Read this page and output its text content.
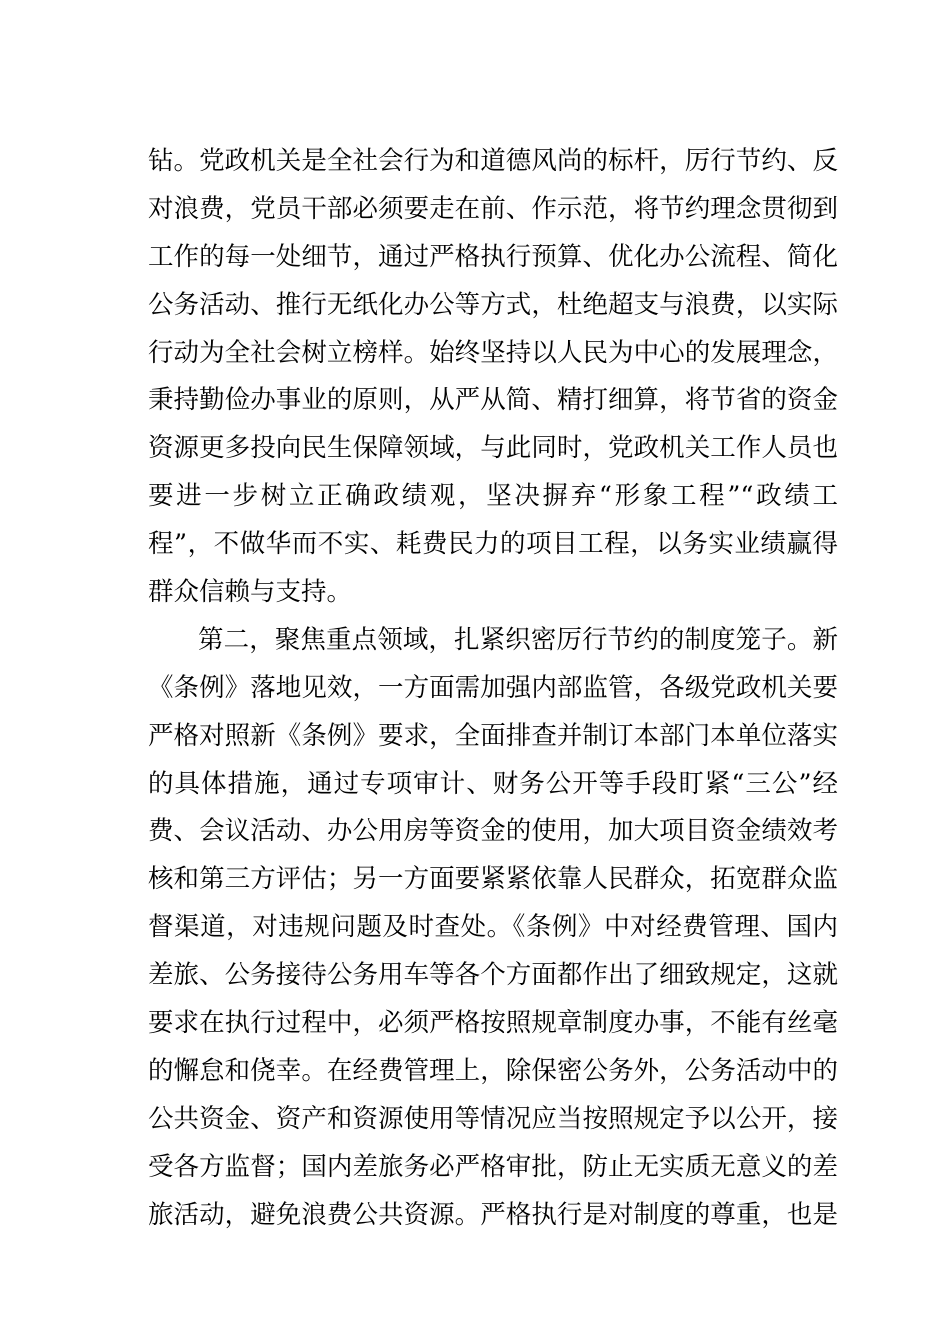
钻。党政机关是全社会行为和道德风尚的标杆，厉行节约、反
对浪费，党员干部必须要走在前、作示范，将节约理念贯彻到
工作的每一处细节，通过严格执行预算、优化办公流程、简化
公务活动、推行无纸化办公等方式，杜绝超支与浪费，以实际
行动为全社会树立榜样。始终坚持以人民为中心的发展理念，
秉持勤俭办事业的原则，从严从简、精打细算，将节省的资金
资源更多投向民生保障领域，与此同时，党政机关工作人员也
要进一步树立正确政绩观，坚决摒弃“形象工程”“政绩工
程”，不做华而不实、耗费民力的项目工程，以务实业绩赢得
群众信赖与支持。
第二，聚焦重点领域，扎紧织密厉行节约的制度笼子。新
《条例》落地见效，一方面需加强内部监管，各级党政机关要
严格对照新《条例》要求，全面排查并制订本部门本单位落实
的具体措施，通过专项审计、财务公开等手段盯紧“三公”经
费、会议活动、办公用房等资金的使用，加大项目资金绩效考
核和第三方评估；另一方面要紧紧依靠人民群众，拓宽群众监
督渠道，对违规问题及时查处。《条例》中对经费管理、国内
差旅、公务接待公务用车等各个方面都作出了细致规定，这就
要求在执行过程中，必须严格按照规章制度办事，不能有丝毫
的懈怠和侥幸。在经费管理上，除保密公务外，公务活动中的
公共资金、资产和资源使用等情况应当按照规定予以公开，接
受各方监督；国内差旅务必严格审批，防止无实质无意义的差
旅活动，避免浪费公共资源。严格执行是对制度的尊重，也是
